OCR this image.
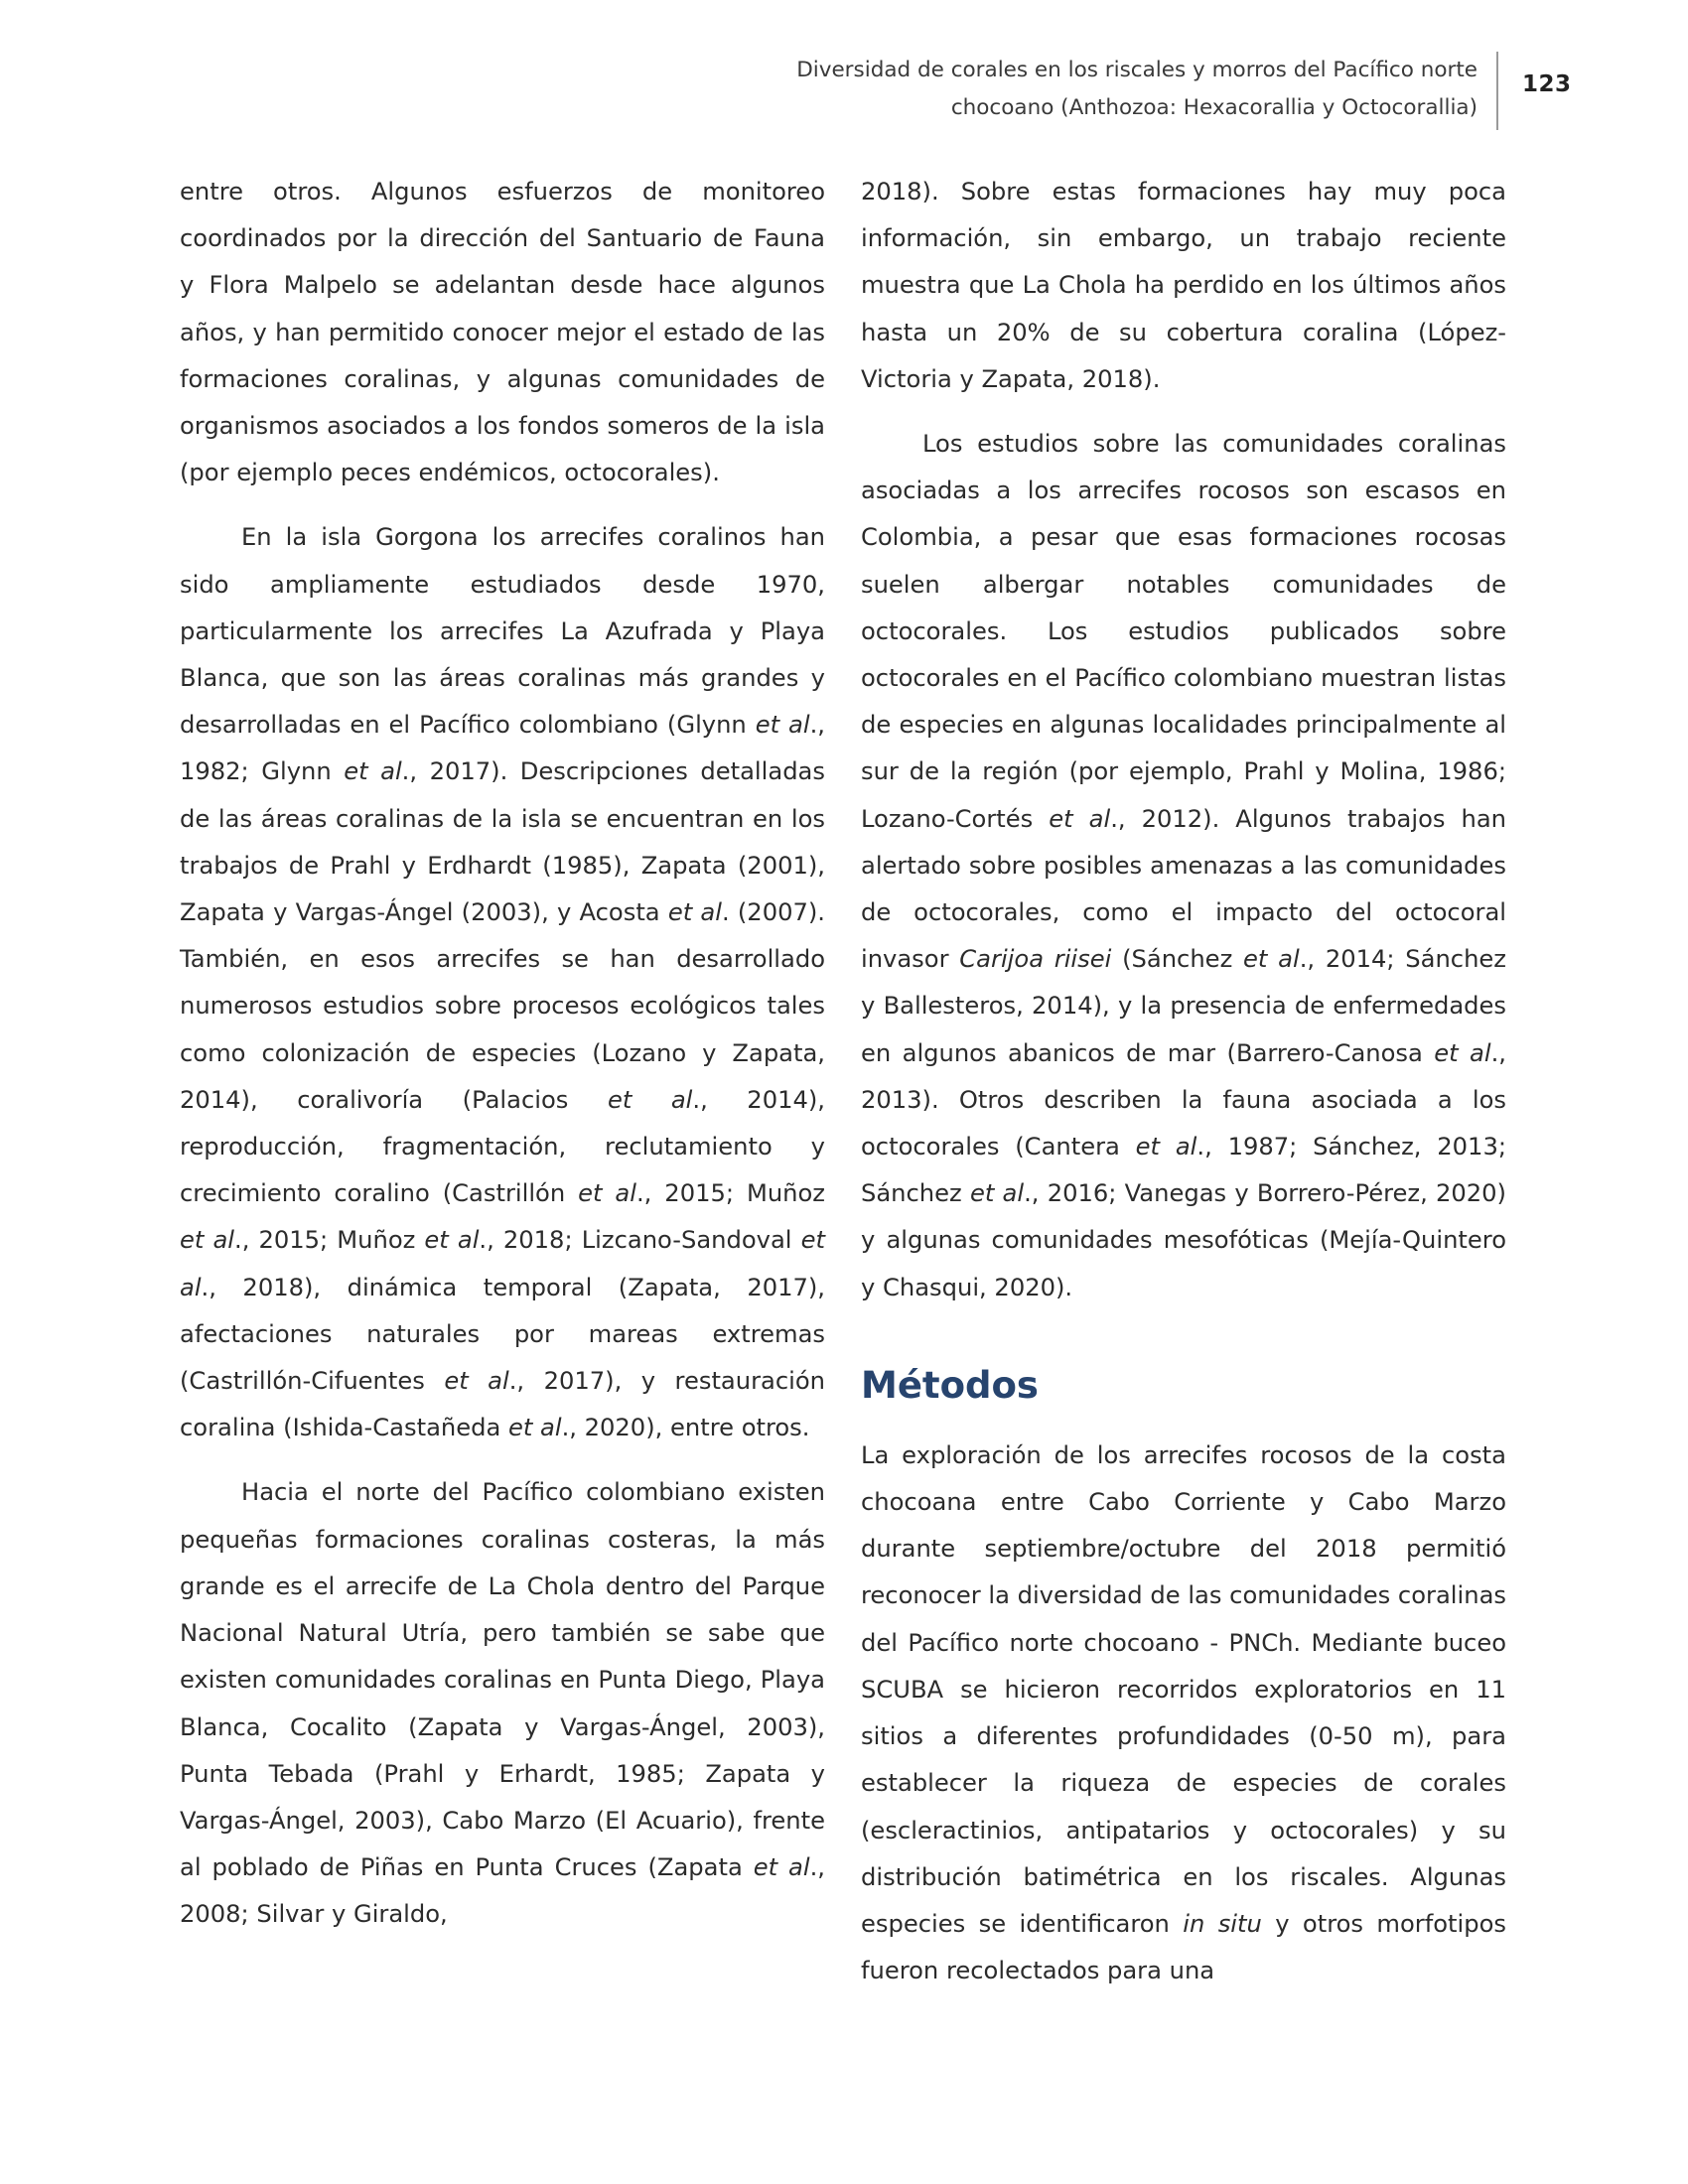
Diversidad de corales en los riscales y morros del Pacífico norte
chocoano (Anthozoa: Hexacorallia y Octocorallia)
123

entre otros. Algunos esfuerzos de monitoreo coordinados por la dirección del Santuario de Fauna y Flora Malpelo se adelantan desde hace algunos años, y han permitido conocer mejor el estado de las formaciones coralinas, y algunas comunidades de organismos asociados a los fondos someros de la isla (por ejemplo peces endémicos, octocorales).

En la isla Gorgona los arrecifes coralinos han sido ampliamente estudiados desde 1970, particularmente los arrecifes La Azufrada y Playa Blanca, que son las áreas coralinas más grandes y desarrolladas en el Pacífico colombiano (Glynn et al., 1982; Glynn et al., 2017). Descripciones detalladas de las áreas coralinas de la isla se encuentran en los trabajos de Prahl y Erdhardt (1985), Zapata (2001), Zapata y Vargas-Ángel (2003), y Acosta et al. (2007). También, en esos arrecifes se han desarrollado numerosos estudios sobre procesos ecológicos tales como colonización de especies (Lozano y Zapata, 2014), coralivoría (Palacios et al., 2014), reproducción, fragmentación, reclutamiento y crecimiento coralino (Castrillón et al., 2015; Muñoz et al., 2015; Muñoz et al., 2018; Lizcano-Sandoval et al., 2018), dinámica temporal (Zapata, 2017), afectaciones naturales por mareas extremas (Castrillón-Cifuentes et al., 2017), y restauración coralina (Ishida-Castañeda et al., 2020), entre otros.

Hacia el norte del Pacífico colombiano existen pequeñas formaciones coralinas costeras, la más grande es el arrecife de La Chola dentro del Parque Nacional Natural Utría, pero también se sabe que existen comunidades coralinas en Punta Diego, Playa Blanca, Cocalito (Zapata y Vargas-Ángel, 2003), Punta Tebada (Prahl y Erhardt, 1985; Zapata y Vargas-Ángel, 2003), Cabo Marzo (El Acuario), frente al poblado de Piñas en Punta Cruces (Zapata et al., 2008; Silvar y Giraldo,

2018). Sobre estas formaciones hay muy poca información, sin embargo, un trabajo reciente muestra que La Chola ha perdido en los últimos años hasta un 20% de su cobertura coralina (López-Victoria y Zapata, 2018).

Los estudios sobre las comunidades coralinas asociadas a los arrecifes rocosos son escasos en Colombia, a pesar que esas formaciones rocosas suelen albergar notables comunidades de octocorales. Los estudios publicados sobre octocorales en el Pacífico colombiano muestran listas de especies en algunas localidades principalmente al sur de la región (por ejemplo, Prahl y Molina, 1986; Lozano-Cortés et al., 2012). Algunos trabajos han alertado sobre posibles amenazas a las comunidades de octocorales, como el impacto del octocoral invasor Carijoa riisei (Sánchez et al., 2014; Sánchez y Ballesteros, 2014), y la presencia de enfermedades en algunos abanicos de mar (Barrero-Canosa et al., 2013). Otros describen la fauna asociada a los octocorales (Cantera et al., 1987; Sánchez, 2013; Sánchez et al., 2016; Vanegas y Borrero-Pérez, 2020) y algunas comunidades mesofóticas (Mejía-Quintero y Chasqui, 2020).

Métodos

La exploración de los arrecifes rocosos de la costa chocoana entre Cabo Corriente y Cabo Marzo durante septiembre/octubre del 2018 permitió reconocer la diversidad de las comunidades coralinas del Pacífico norte chocoano - PNCh. Mediante buceo SCUBA se hicieron recorridos exploratorios en 11 sitios a diferentes profundidades (0-50 m), para establecer la riqueza de especies de corales (escleractinios, antipatarios y octocorales) y su distribución batimétrica en los riscales. Algunas especies se identificaron in situ y otros morfotipos fueron recolectados para una
